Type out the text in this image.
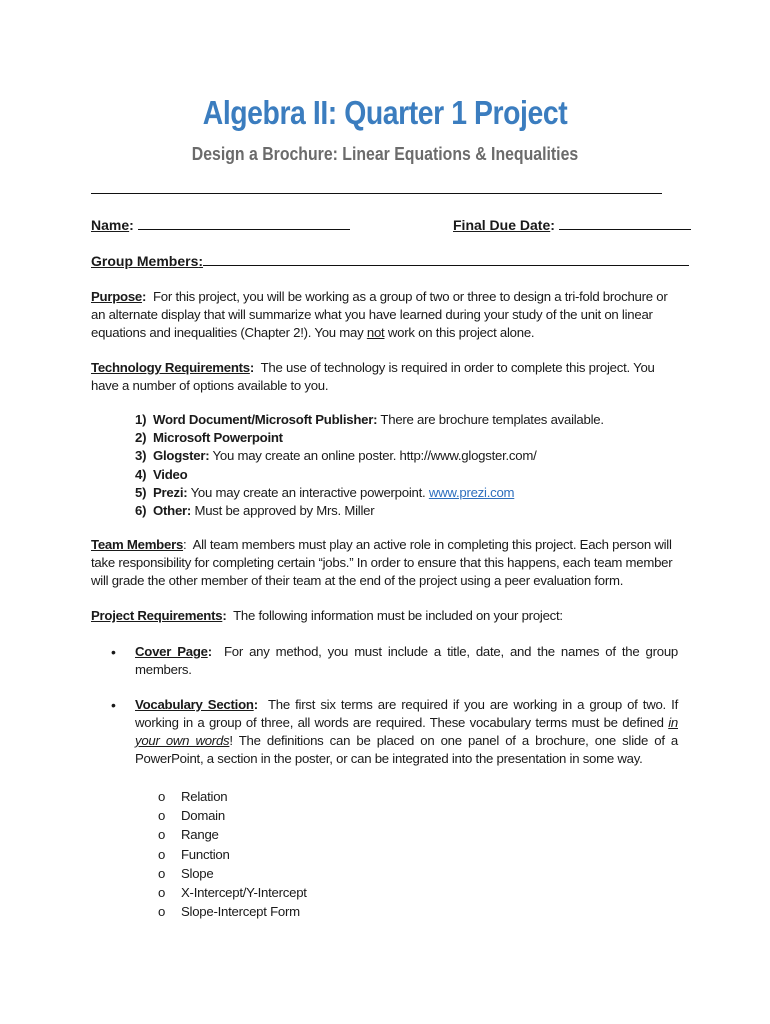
Algebra II: Quarter 1 Project
Design a Brochure: Linear Equations & Inequalities
Name:	Final Due Date:
Group Members:
Purpose: For this project, you will be working as a group of two or three to design a tri-fold brochure or an alternate display that will summarize what you have learned during your study of the unit on linear equations and inequalities (Chapter 2!). You may not work on this project alone.
Technology Requirements: The use of technology is required in order to complete this project. You have a number of options available to you.
1) Word Document/Microsoft Publisher: There are brochure templates available.
2) Microsoft Powerpoint
3) Glogster: You may create an online poster. http://www.glogster.com/
4) Video
5) Prezi: You may create an interactive powerpoint. www.prezi.com
6) Other: Must be approved by Mrs. Miller
Team Members:  All team members must play an active role in completing this project. Each person will take responsibility for completing certain “jobs.” In order to ensure that this happens, each team member will grade the other member of their team at the end of the project using a peer evaluation form.
Project Requirements: The following information must be included on your project:
• Cover Page: For any method, you must include a title, date, and the names of the group members.
• Vocabulary Section: The first six terms are required if you are working in a group of two. If working in a group of three, all words are required. These vocabulary terms must be defined in your own words! The definitions can be placed on one panel of a brochure, one slide of a PowerPoint, a section in the poster, or can be integrated into the presentation in some way.
o Relation
o Domain
o Range
o Function
o Slope
o X-Intercept/Y-Intercept
o Slope-Intercept Form
